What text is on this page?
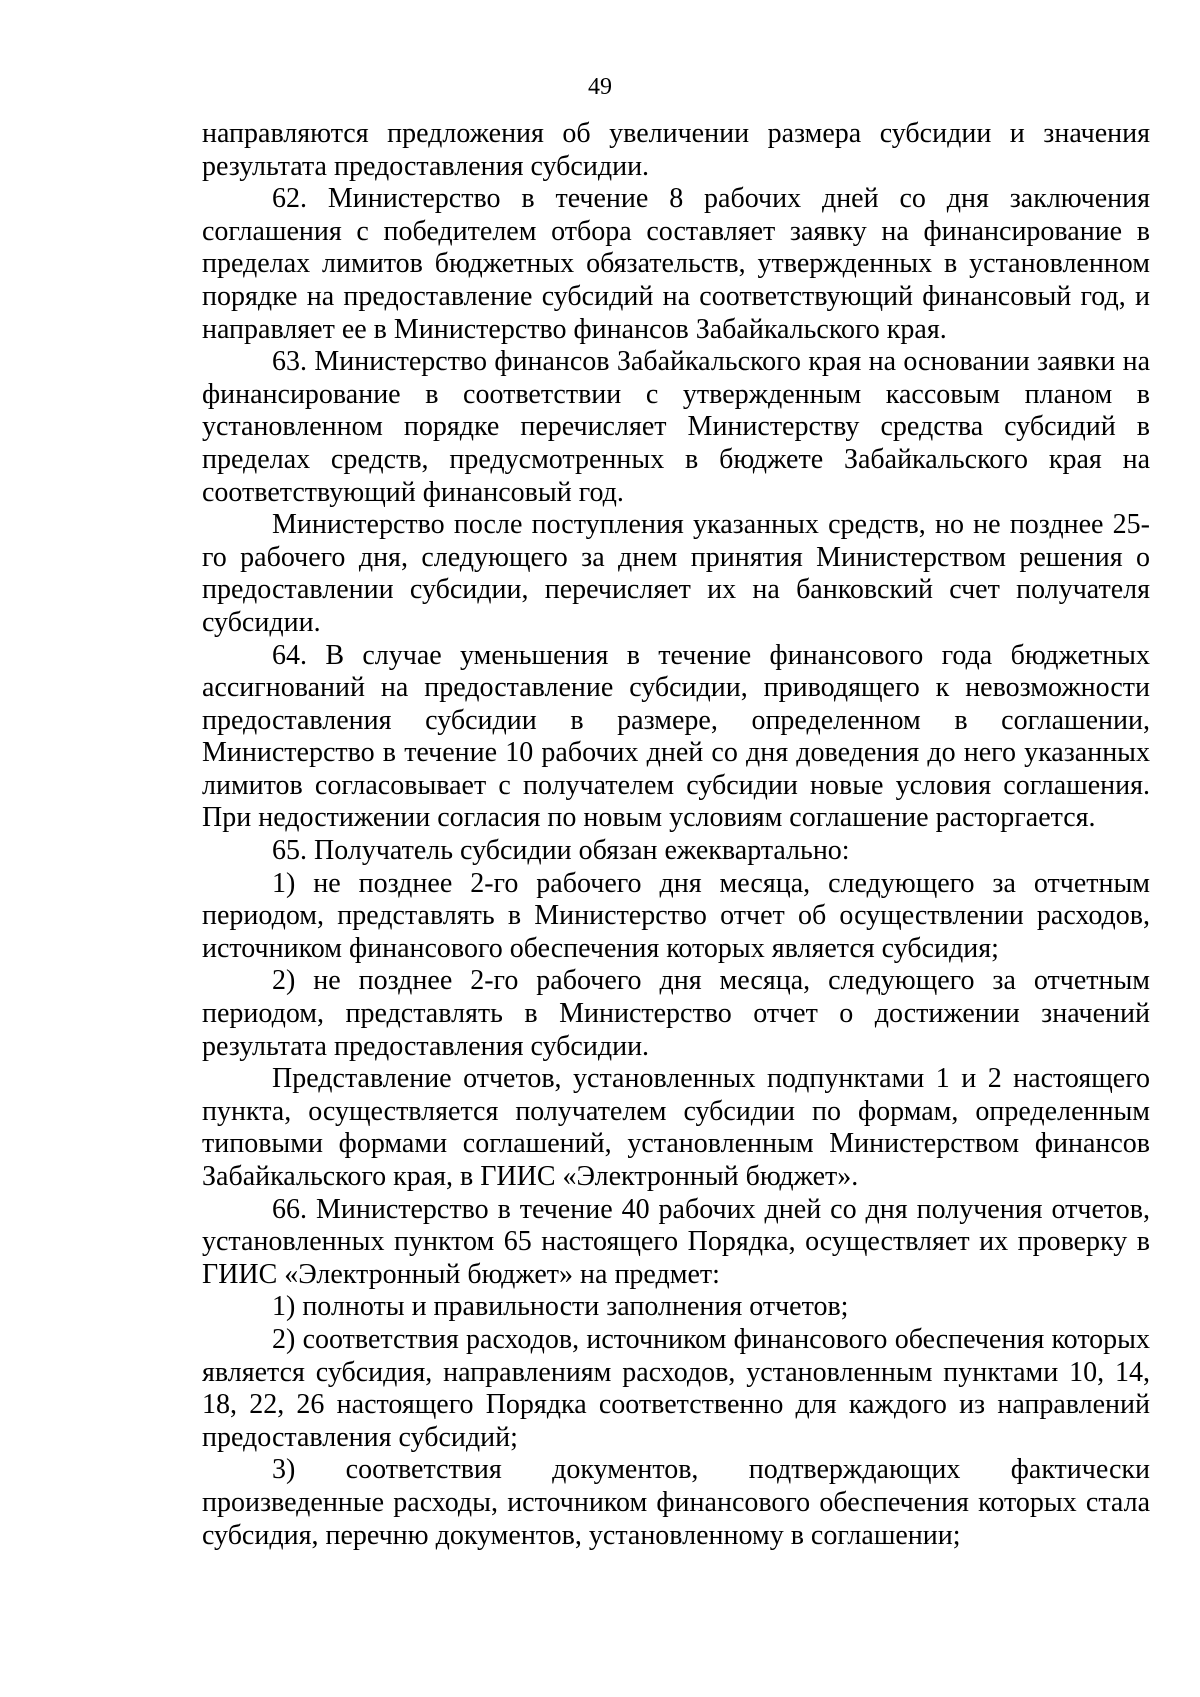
49

направляются предложения об увеличении размера субсидии и значения результата предоставления субсидии.

62. Министерство в течение 8 рабочих дней со дня заключения соглашения с победителем отбора составляет заявку на финансирование в пределах лимитов бюджетных обязательств, утвержденных в установленном порядке на предоставление субсидий на соответствующий финансовый год, и направляет ее в Министерство финансов Забайкальского края.

63. Министерство финансов Забайкальского края на основании заявки на финансирование в соответствии с утвержденным кассовым планом в установленном порядке перечисляет Министерству средства субсидий в пределах средств, предусмотренных в бюджете Забайкальского края на соответствующий финансовый год.

Министерство после поступления указанных средств, но не позднее 25-го рабочего дня, следующего за днем принятия Министерством решения о предоставлении субсидии, перечисляет их на банковский счет получателя субсидии.

64. В случае уменьшения в течение финансового года бюджетных ассигнований на предоставление субсидии, приводящего к невозможности предоставления субсидии в размере, определенном в соглашении, Министерство в течение 10 рабочих дней со дня доведения до него указанных лимитов согласовывает с получателем субсидии новые условия соглашения. При недостижении согласия по новым условиям соглашение расторгается.

65. Получатель субсидии обязан ежеквартально:

1) не позднее 2-го рабочего дня месяца, следующего за отчетным периодом, представлять в Министерство отчет об осуществлении расходов, источником финансового обеспечения которых является субсидия;

2) не позднее 2-го рабочего дня месяца, следующего за отчетным периодом, представлять в Министерство отчет о достижении значений результата предоставления субсидии.

Представление отчетов, установленных подпунктами 1 и 2 настоящего пункта, осуществляется получателем субсидии по формам, определенным типовыми формами соглашений, установленным Министерством финансов Забайкальского края, в ГИИС «Электронный бюджет».

66. Министерство в течение 40 рабочих дней со дня получения отчетов, установленных пунктом 65 настоящего Порядка, осуществляет их проверку в ГИИС «Электронный бюджет» на предмет:

1) полноты и правильности заполнения отчетов;

2) соответствия расходов, источником финансового обеспечения которых является субсидия, направлениям расходов, установленным пунктами 10, 14, 18, 22, 26 настоящего Порядка соответственно для каждого из направлений предоставления субсидий;

3) соответствия документов, подтверждающих фактически произведенные расходы, источником финансового обеспечения которых стала субсидия, перечню документов, установленному в соглашении;
